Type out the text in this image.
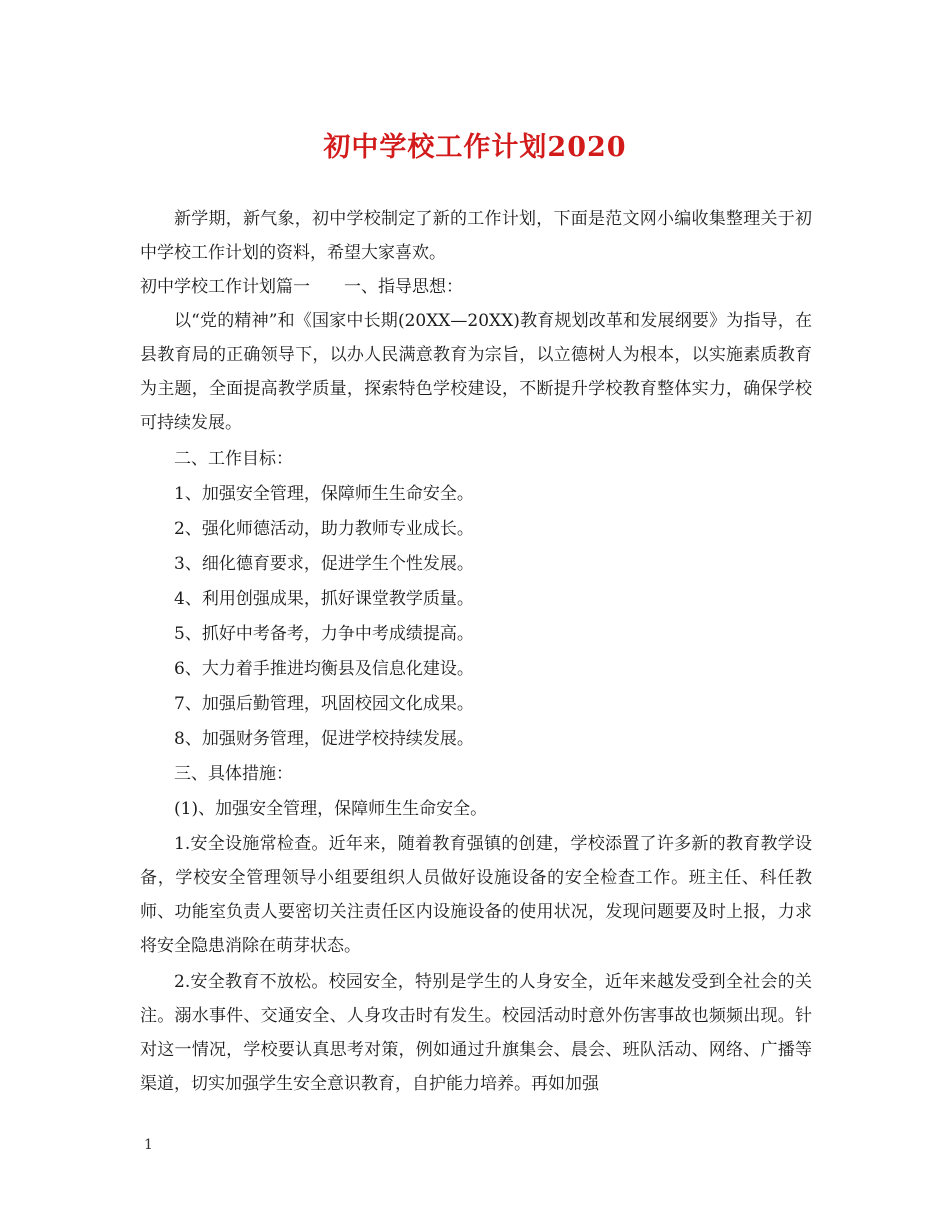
初中学校工作计划2020

新学期，新气象，初中学校制定了新的工作计划，下面是范文网小编收集整理关于初中学校工作计划的资料，希望大家喜欢。

初中学校工作计划篇一　　一、指导思想：

以“党的精神”和《国家中长期(20XX—20XX)教育规划改革和发展纲要》为指导，在县教育局的正确领导下，以办人民满意教育为宗旨，以立德树人为根本，以实施素质教育为主题，全面提高教学质量，探索特色学校建设，不断提升学校教育整体实力，确保学校可持续发展。

二、工作目标：

1、加强安全管理，保障师生生命安全。

2、强化师德活动，助力教师专业成长。

3、细化德育要求，促进学生个性发展。

4、利用创强成果，抓好课堂教学质量。

5、抓好中考备考，力争中考成绩提高。

6、大力着手推进均衡县及信息化建设。

7、加强后勤管理，巩固校园文化成果。

8、加强财务管理，促进学校持续发展。

三、具体措施：

(1)、加强安全管理，保障师生生命安全。

1.安全设施常检查。近年来，随着教育强镇的创建，学校添置了许多新的教育教学设备，学校安全管理领导小组要组织人员做好设施设备的安全检查工作。班主任、科任教师、功能室负责人要密切关注责任区内设施设备的使用状况，发现问题要及时上报，力求将安全隐患消除在萌芽状态。

2.安全教育不放松。校园安全，特别是学生的人身安全，近年来越发受到全社会的关注。溺水事件、交通安全、人身攻击时有发生。校园活动时意外伤害事故也频频出现。针对这一情况，学校要认真思考对策，例如通过升旗集会、晨会、班队活动、网络、广播等渠道，切实加强学生安全意识教育，自护能力培养。再如加强

1
